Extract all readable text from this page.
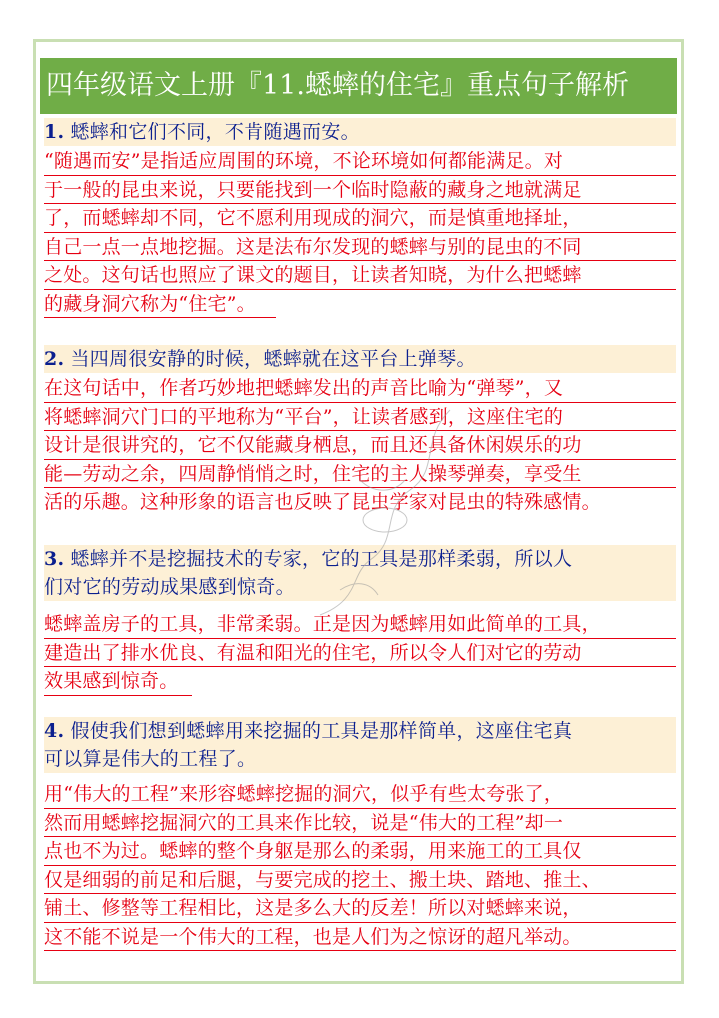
四年级语文上册『11.蟋蟀的住宅』重点句子解析
1. 蟋蟀和它们不同，不肯随遇而安。
“随遇而安”是指适应周围的环境，不论环境如何都能满足。对
于一般的昆虫来说，只要能找到一个临时隐蔽的藏身之地就满足
了，而蟋蟀却不同，它不愿利用现成的洞穴，而是慎重地择址，
自己一点一点地挖掘。这是法布尔发现的蟋蟀与别的昆虫的不同
之处。这句话也照应了课文的题目，让读者知晓，为什么把蟋蟀
的藏身洞穴称为“住宅”。
2. 当四周很安静的时候，蟋蟀就在这平台上弹琴。
在这句话中，作者巧妙地把蟋蟀发出的声音比喻为“弹琴”，又
将蟋蟀洞穴门口的平地称为“平台”，让读者感到，这座住宅的
设计是很讲究的，它不仅能藏身栖息，而且还具备休闲娱乐的功
能—劳动之余，四周静悄悄之时，住宅的主人操琴弹奏，享受生
活的乐趣。这种形象的语言也反映了昆虫学家对昆虫的特殊感情。
3. 蟋蟀并不是挖掘技术的专家，它的工具是那样柔弱，所以人
们对它的劳动成果感到惊奇。
蟋蟀盖房子的工具，非常柔弱。正是因为蟋蟀用如此简单的工具，
建造出了排水优良、有温和阳光的住宅，所以令人们对它的劳动
效果感到惊奇。
4. 假使我们想到蟋蟀用来挖掘的工具是那样简单，这座住宅真
可以算是伟大的工程了。
用“伟大的工程”来形容蟋蟀挖掘的洞穴，似乎有些太夸张了，
然而用蟋蟀挖掘洞穴的工具来作比较，说是“伟大的工程”却一
点也不为过。蟋蟀的整个身躯是那么的柔弱，用来施工的工具仅
仅是细弱的前足和后腿，与要完成的挖土、搬土块、踏地、推土、
铺土、修整等工程相比，这是多么大的反差！所以对蟋蟀来说，
这不能不说是一个伟大的工程，也是人们为之惊讶的超凡举动。
